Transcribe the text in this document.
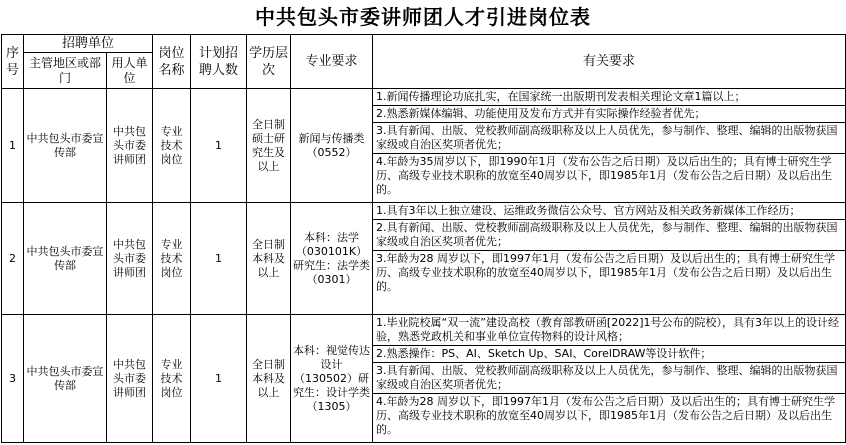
中共包头市委讲师团人才引进岗位表
序号	招聘单位		岗位名称	计划招聘人数	学历层次	专业要求	有关要求
	主管地区或部门	用人单位					
1	中共包头市委宣传部	中共包头市委讲师团	专业技术岗位	1	全日制硕士研究生及以上	新闻与传播类（0552）	1.新闻传播理论功底扎实，在国家统一出版期刊发表相关理论文章1篇以上；
2.熟悉新媒体编辑、功能使用及发布方式并有实际操作经验者优先；
3.具有新闻、出版、党校教师副高级职称及以上人员优先，参与制作、整理、编辑的出版物获国家级或自治区奖项者优先；
4.年龄为35周岁以下，即1990年1月（发布公告之后日期）及以后出生的；具有博士研究生学历、高级专业技术职称的放宽至40周岁以下，即1985年1月（发布公告之后日期）及以后出生的。

2	中共包头市委宣传部	中共包头市委讲师团	专业技术岗位	1	全日制本科及以上	本科：法学（030101K）研究生：法学类（0301）	1.具有3年以上独立建设、运维政务微信公众号、官方网站及相关政务新媒体工作经历；
2.具有新闻、出版、党校教师副高级职称及以上人员优先，参与制作、整理、编辑的出版物获国家级或自治区奖项者优先；
3.年龄为28 周岁以下，即1997年1月（发布公告之后日期）及以后出生的；具有博士研究生学历、高级专业技术职称的放宽至40周岁以下，即1985年1月（发布公告之后日期）及以后出生的。

3	中共包头市委宣传部	中共包头市委讲师团	专业技术岗位	1	全日制本科及以上	本科：视觉传达设计（130502）研究生：设计学类（1305）	1.毕业院校属“双一流”建设高校（教育部教研函[2022]1号公布的院校），具有3年以上的设计经验，熟悉党政机关和事业单位宣传物料的设计风格；
2.熟悉操作：PS、AI、Sketch Up、SAI、CorelDRAW等设计软件；
3.具有新闻、出版、党校教师副高级职称及以上人员优先，参与制作、整理、编辑的出版物获国家级或自治区奖项者优先；
4.年龄为28 周岁以下，即1997年1月（发布公告之后日期）及以后出生的；具有博士研究生学历、高级专业技术职称的放宽至40周岁以下，即1985年1月（发布公告之后日期）及以后出生的。
